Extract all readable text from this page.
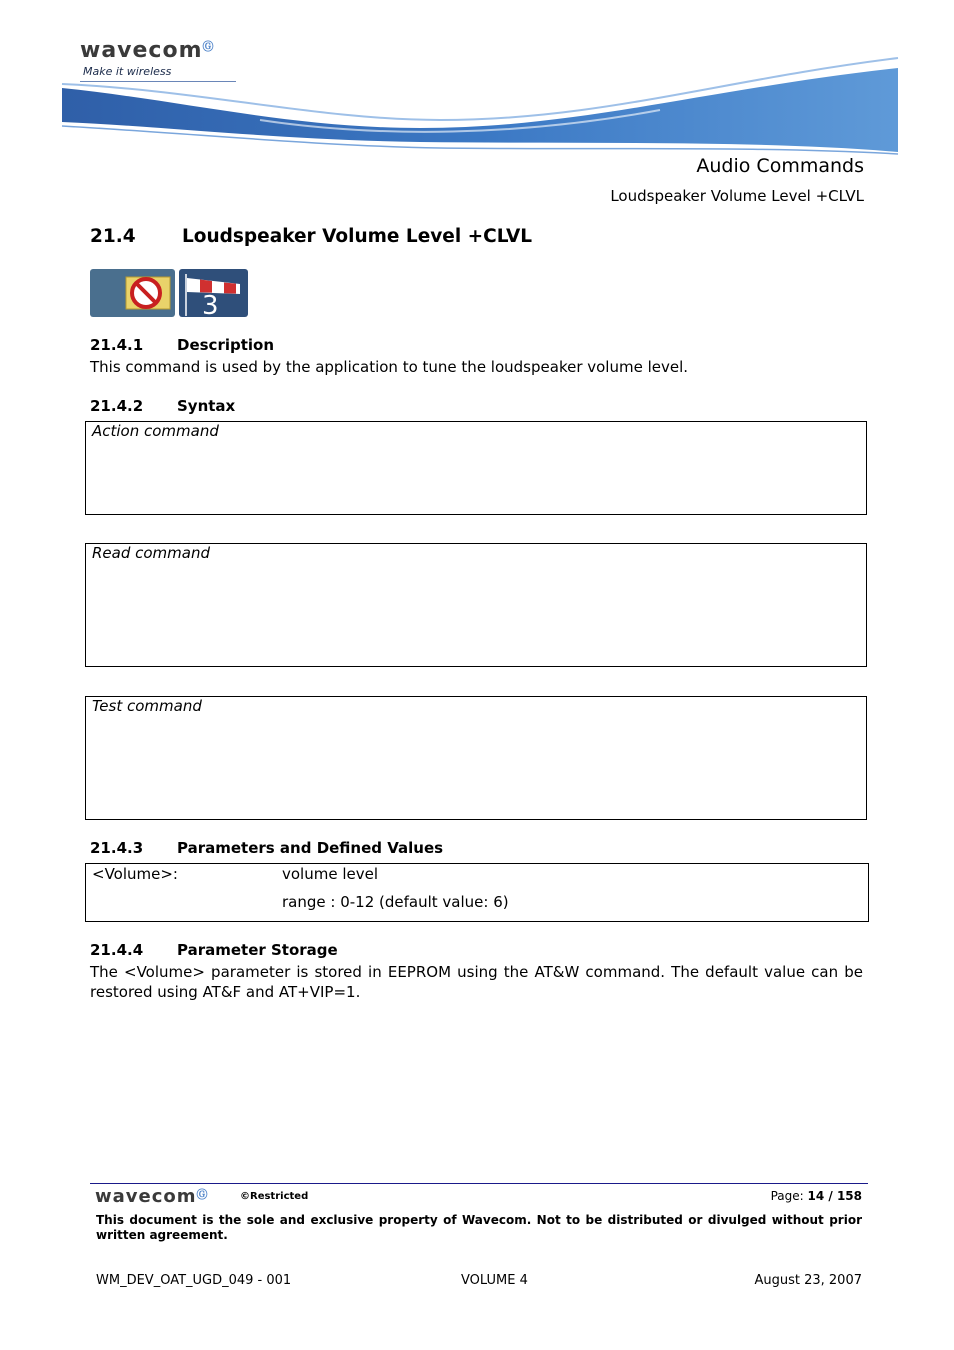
wavecomⒼ
Make it wireless
Audio Commands
Loudspeaker Volume Level +CLVL
21.4	Loudspeaker Volume Level +CLVL
3
21.4.1 Description
This command is used by the application to tune the loudspeaker volume level.
21.4.2 Syntax
Action command
Read command
Test command
21.4.3 Parameters and Defined Values
<Volume>:	volume level
range : 0-12 (default value: 6)
21.4.4 Parameter Storage
The <Volume> parameter is stored in EEPROM using the AT&W command. The default value can be restored using AT&F and AT+VIP=1.
wavecomⒼ	©Restricted	Page: 14 / 158
This document is the sole and exclusive property of Wavecom. Not to be distributed or divulged without prior written agreement.
WM_DEV_OAT_UGD_049 - 001	VOLUME 4	August 23, 2007
